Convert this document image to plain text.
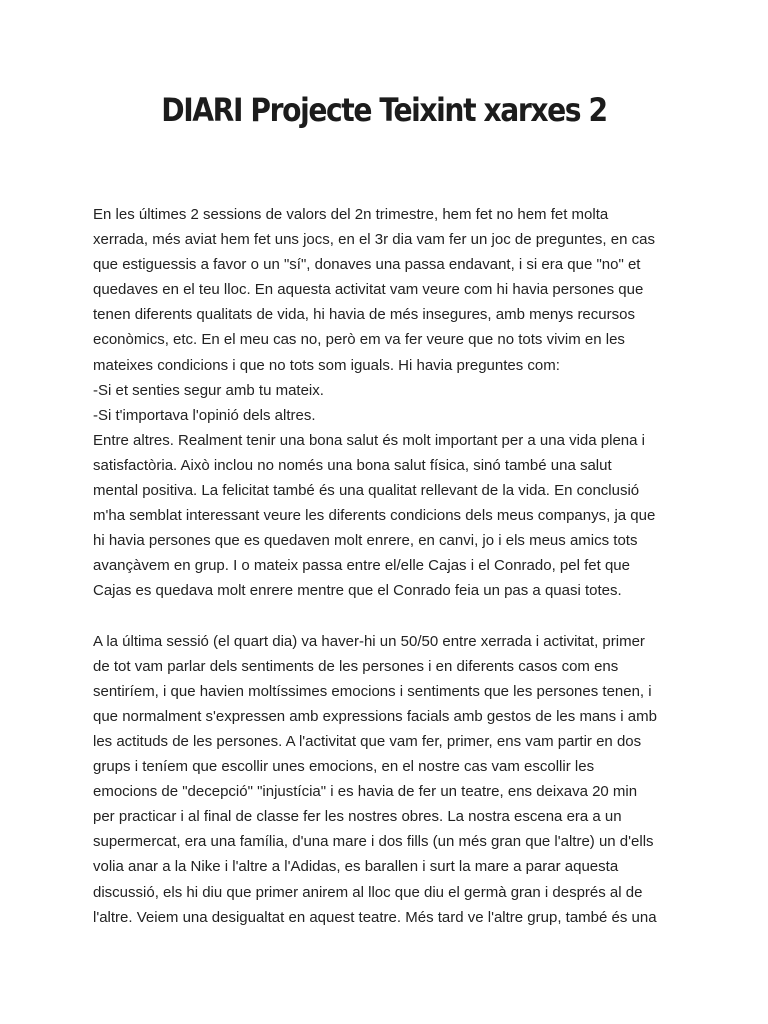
DIARI Projecte Teixint xarxes 2
En les últimes 2 sessions de valors del 2n trimestre, hem fet no hem fet molta
xerrada, més aviat hem fet uns jocs, en el 3r dia vam fer un joc de preguntes, en cas
que estiguessis a favor o un "sí", donaves una passa endavant, i si era que "no" et
quedaves en el teu lloc. En aquesta activitat vam veure com hi havia persones que
tenen diferents qualitats de vida, hi havia de més insegures, amb menys recursos
econòmics, etc. En el meu cas no, però em va fer veure que no tots vivim en les
mateixes condicions i que no tots som iguals. Hi havia preguntes com:
-Si et senties segur amb tu mateix.
-Si t'importava l'opinió dels altres.
Entre altres. Realment tenir una bona salut és molt important per a una vida plena i
satisfactòria. Això inclou no només una bona salut física, sinó també una salut
mental positiva. La felicitat també és una qualitat rellevant de la vida. En conclusió
m'ha semblat interessant veure les diferents condicions dels meus companys, ja que
hi havia persones que es quedaven molt enrere, en canvi, jo i els meus amics tots
avançàvem en grup. I o mateix passa entre el/elle Cajas i el Conrado, pel fet que
Cajas es quedava molt enrere mentre que el Conrado feia un pas a quasi totes.
A la última sessió (el quart dia) va haver-hi un 50/50 entre xerrada i activitat, primer
de tot vam parlar dels sentiments de les persones i en diferents casos com ens
sentiríem, i que havien moltíssimes emocions i sentiments que les persones tenen, i
que normalment s'expressen amb expressions facials amb gestos de les mans i amb
les actituds de les persones. A l'activitat que vam fer, primer, ens vam partir en dos
grups i teníem que escollir unes emocions, en el nostre cas vam escollir les
emocions de "decepció" "injustícia" i es havia de fer un teatre, ens deixava 20 min
per practicar i al final de classe fer les nostres obres. La nostra escena era a un
supermercat, era una família, d'una mare i dos fills (un més gran que l'altre) un d'ells
volia anar a la Nike i l'altre a l'Adidas, es barallen i surt la mare a parar aquesta
discussió, els hi diu que primer anirem al lloc que diu el germà gran i després al de
l'altre. Veiem una desigualtat en aquest teatre. Més tard ve l'altre grup, també és una
